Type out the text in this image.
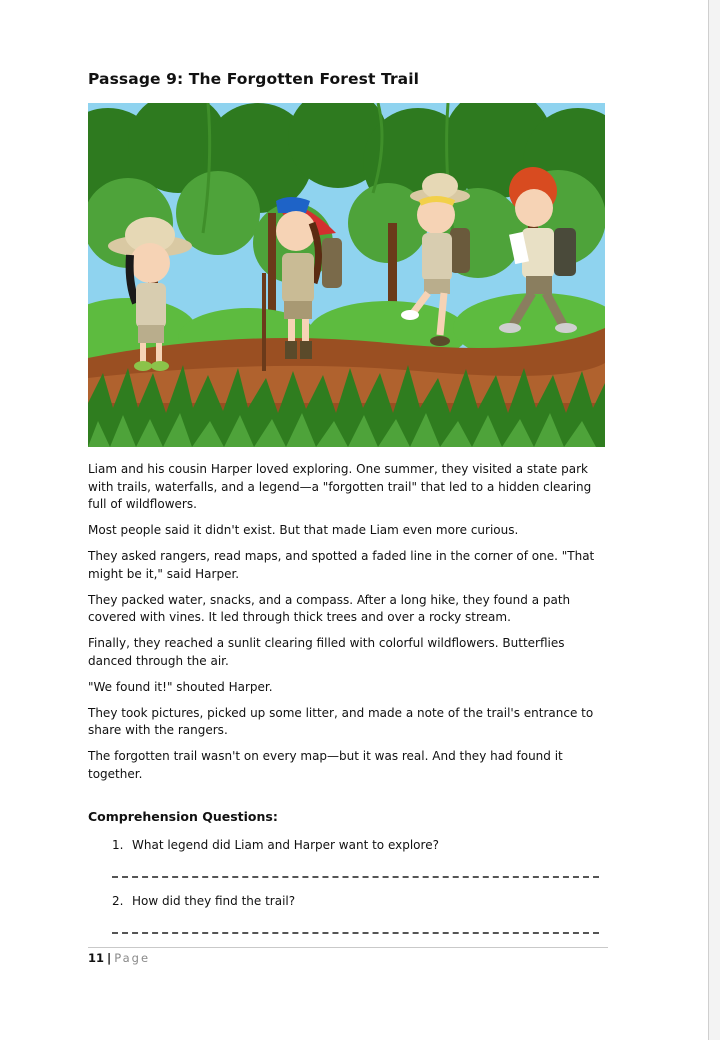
Passage 9: The Forgotten Forest Trail

Liam and his cousin Harper loved exploring. One summer, they visited a state park with trails, waterfalls, and a legend—a "forgotten trail" that led to a hidden clearing full of wildflowers.

Most people said it didn't exist. But that made Liam even more curious.

They asked rangers, read maps, and spotted a faded line in the corner of one. "That might be it," said Harper.

They packed water, snacks, and a compass. After a long hike, they found a path covered with vines. It led through thick trees and over a rocky stream.

Finally, they reached a sunlit clearing filled with colorful wildflowers. Butterflies danced through the air.

"We found it!" shouted Harper.

They took pictures, picked up some litter, and made a note of the trail's entrance to share with the rangers.

The forgotten trail wasn't on every map—but it was real. And they had found it together.

Comprehension Questions:
1. What legend did Liam and Harper want to explore?
2. How did they find the trail?
11 | Page
